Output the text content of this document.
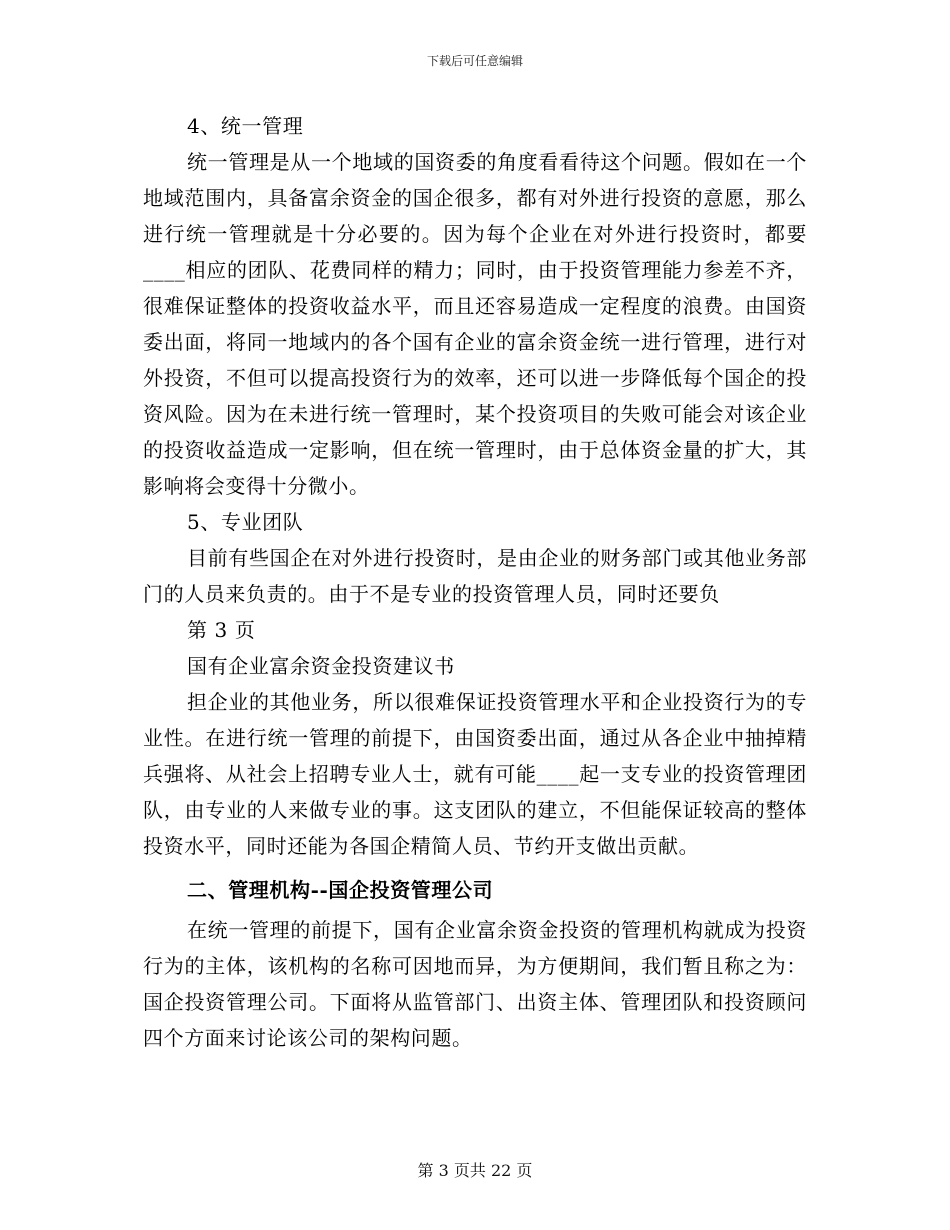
下载后可任意编辑

4、统一管理

统一管理是从一个地域的国资委的角度看看待这个问题。假如在一个地域范围内，具备富余资金的国企很多，都有对外进行投资的意愿，那么进行统一管理就是十分必要的。因为每个企业在对外进行投资时，都要____相应的团队、花费同样的精力；同时，由于投资管理能力参差不齐，很难保证整体的投资收益水平，而且还容易造成一定程度的浪费。由国资委出面，将同一地域内的各个国有企业的富余资金统一进行管理，进行对外投资，不但可以提高投资行为的效率，还可以进一步降低每个国企的投资风险。因为在未进行统一管理时，某个投资项目的失败可能会对该企业的投资收益造成一定影响，但在统一管理时，由于总体资金量的扩大，其影响将会变得十分微小。

5、专业团队

目前有些国企在对外进行投资时，是由企业的财务部门或其他业务部门的人员来负责的。由于不是专业的投资管理人员，同时还要负

第 3 页

国有企业富余资金投资建议书

担企业的其他业务，所以很难保证投资管理水平和企业投资行为的专业性。在进行统一管理的前提下，由国资委出面，通过从各企业中抽掉精兵强将、从社会上招聘专业人士，就有可能____起一支专业的投资管理团队，由专业的人来做专业的事。这支团队的建立，不但能保证较高的整体投资水平，同时还能为各国企精简人员、节约开支做出贡献。

二、管理机构--国企投资管理公司

在统一管理的前提下，国有企业富余资金投资的管理机构就成为投资行为的主体，该机构的名称可因地而异，为方便期间，我们暂且称之为：国企投资管理公司。下面将从监管部门、出资主体、管理团队和投资顾问四个方面来讨论该公司的架构问题。

第 3 页共 22 页
